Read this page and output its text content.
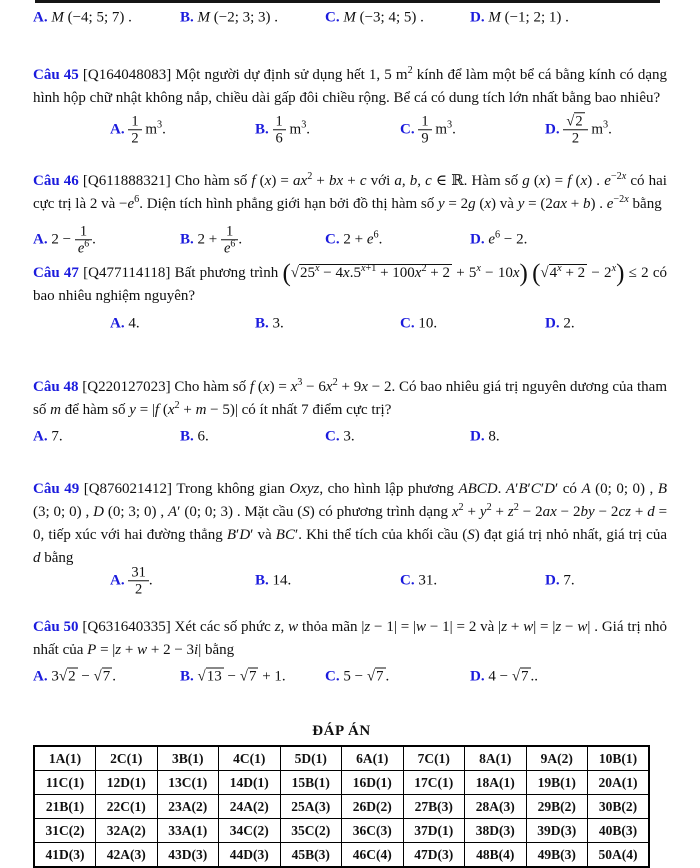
A. M (−4; 5; 7) .	B. M (−2; 3; 3) .	C. M (−3; 4; 5) .	D. M (−1; 2; 1) .

Câu 45 [Q164048083] Một người dự định sử dụng hết 1, 5 $m^2$ kính để làm một bể cá bằng kính có dạng hình hộp chữ nhật không nắp, chiều dài gấp đôi chiều rộng. Bể cá có dung tích lớn nhất bằng bao nhiêu?

A. $\frac{1}{2} m^3$.	B. $\frac{1}{6} m^3$.	C. $\frac{1}{9} m^3$.	D. √ $\frac{2}{2} m^3$.

Câu 46 [Q611888321] Cho hàm số f $(x) = ax^2$ + bx + c với a, b, c ∈ ℝ. Hàm số g (x) = f (x) . $e^{-2x}$ có hai cực trị là 2 và $-e^6$. Diện tích hình phẳng giới hạn bởi đồ thị hàm số y = 2g (x) và y = (2ax + b) . $e^{-2x}$ bằng

A. $2 - \frac{1}{e^6}$ .	B. $2 + \frac{1}{e^6}$ .	C. $2 + e^6$.	D. $e^6 - 2$.

Câu 47 [Q477114118] Bất phương trình ( √ $25^x - 4x.5^{x+1} + 100x^2 + 2 + 5^x - 10x$) ( √ $4^x + 2 - 2^x) \le 2$ có bao nhiêu nghiệm nguyên?

A. 4.	B. 3.	C. 10.	D. 2.

Câu 48 [Q220127023] Cho hàm số f $(x) = x^3 - 6x^2 + 9x - 2$. Có bao nhiêu giá trị nguyên dương của tham số m để hàm số y = |f $(x^2 + m - 5)|$ có ít nhất 7 điểm cực trị?

A. 7.	B. 6.	C. 3.	D. 8.

Câu 49 [Q876021412] Trong không gian Oxyz, cho hình lập phương ABCD. A′B′C′D′ có A (0; 0; 0) , B (3; 0; 0) , D (0; 3; 0) , A′ (0; 0; 3) . Mặt cầu (S) có phương trình dạng $x^2 + y^2 + z^2 - 2ax - 2by - 2cz + d = 0$, tiếp xúc với hai đường thẳng B′D′ và BC′. Khi thể tích của khối cầu (S) đạt giá trị nhỏ nhất, giá trị của d bằng

A. $\frac{31}{2}$ .	B. 14.	C. 31.	D. 7.

Câu 50 [Q631640335] Xét các số phức z, w thỏa mãn |z − 1| = |w − 1| = 2 và |z + w| = |z − w| . Giá trị nhỏ nhất của P = |z + w + 2 − 3i| bằng

A. 3 √ 2 − √ 7 .	B. √ 13 − √ 7 + 1.	C. 5 − √ 7 .	D. 4 − √ 7 ..
ĐÁP ÁN
1A(1)	2C(1)	3B(1)	4C(1)	5D(1)	6A(1)	7C(1)	8A(1)	9A(2)	10B(1)
11C(1)	12D(1)	13C(1)	14D(1)	15B(1)	16D(1)	17C(1)	18A(1)	19B(1)	20A(1)
21B(1)	22C(1)	23A(2)	24A(2)	25A(3)	26D(2)	27B(3)	28A(3)	29B(2)	30B(2)
31C(2)	32A(2)	33A(1)	34C(2)	35C(2)	36C(3)	37D(1)	38D(3)	39D(3)	40B(3)
41D(3)	42A(3)	43D(3)	44D(3)	45B(3)	46C(4)	47D(3)	48B(4)	49B(3)	50A(4)
